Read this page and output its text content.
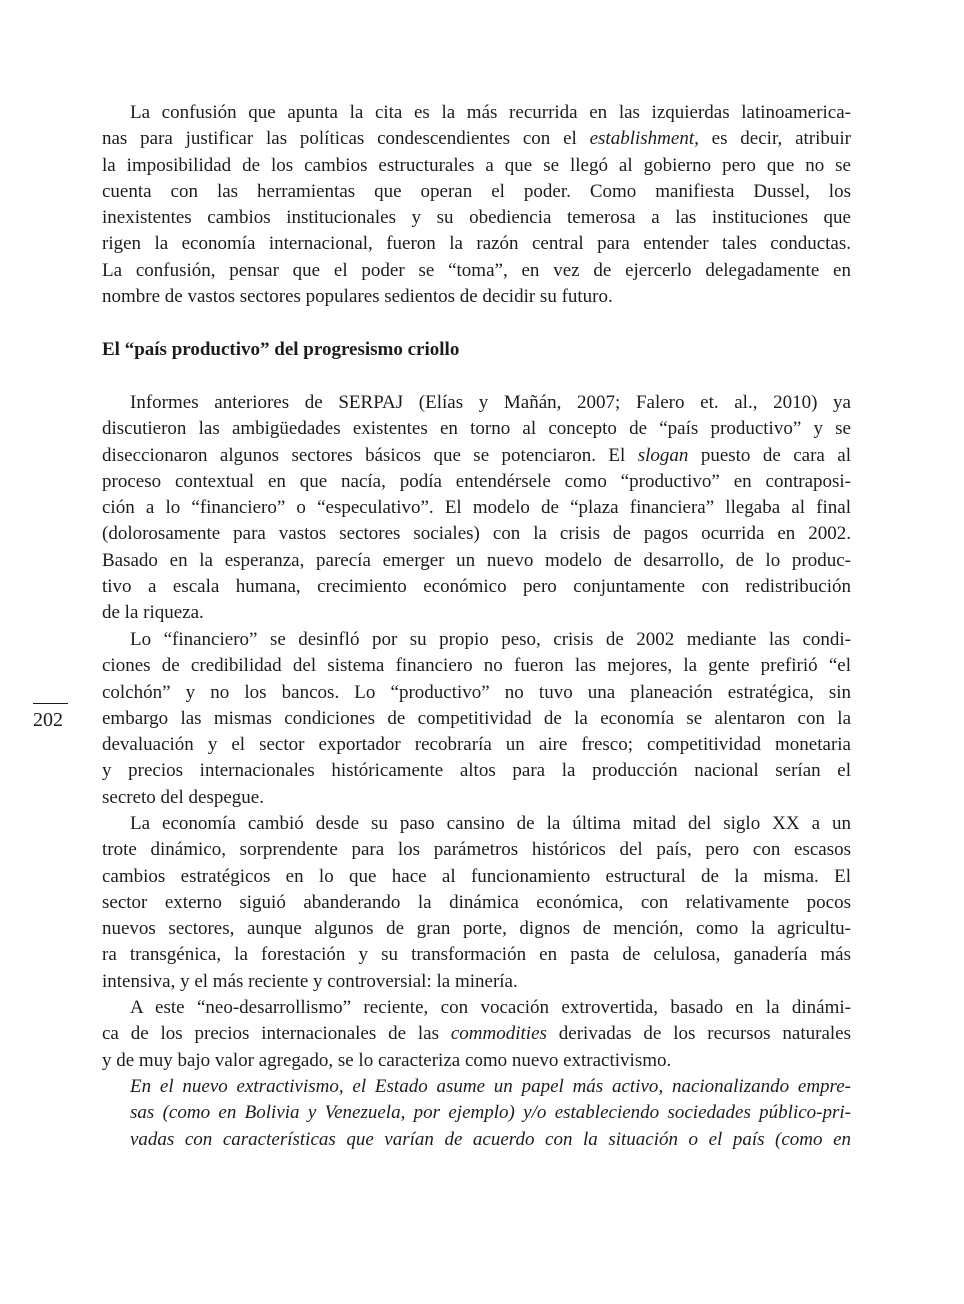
La confusión que apunta la cita es la más recurrida en las izquierdas latinoamerica-
nas para justificar las políticas condescendientes con el establishment, es decir, atribuir
la imposibilidad de los cambios estructurales a que se llegó al gobierno pero que no se
cuenta con las herramientas que operan el poder. Como manifiesta Dussel, los
inexistentes cambios institucionales y su obediencia temerosa a las instituciones que
rigen la economía internacional, fueron la razón central para entender tales conductas.
La confusión, pensar que el poder se “toma”, en vez de ejercerlo delegadamente en
nombre de vastos sectores populares sedientos de decidir su futuro.
El “país productivo” del progresismo criollo
Informes anteriores de SERPAJ (Elías y Mañán, 2007; Falero et. al., 2010) ya
discutieron las ambigüedades existentes en torno al concepto de “país productivo” y se
diseccionaron algunos sectores básicos que se potenciaron. El slogan puesto de cara al
proceso contextual en que nacía, podía entendérsele como “productivo” en contraposi-
ción a lo “financiero” o “especulativo”. El modelo de “plaza financiera” llegaba al final
(dolorosamente para vastos sectores sociales) con la crisis de pagos ocurrida en 2002.
Basado en la esperanza, parecía emerger un nuevo modelo de desarrollo, de lo produc-
tivo a escala humana, crecimiento económico pero conjuntamente con redistribución
de la riqueza.
Lo “financiero” se desinfló por su propio peso, crisis de 2002 mediante las condi-
ciones de credibilidad del sistema financiero no fueron las mejores, la gente prefirió “el
colchón” y no los bancos. Lo “productivo” no tuvo una planeación estratégica, sin
embargo las mismas condiciones de competitividad de la economía se alentaron con la
devaluación y el sector exportador recobraría un aire fresco; competitividad monetaria
y precios internacionales históricamente altos para la producción nacional serían el
secreto del despegue.
202
La economía cambió desde su paso cansino de la última mitad del siglo XX a un
trote dinámico, sorprendente para los parámetros históricos del país, pero con escasos
cambios estratégicos en lo que hace al funcionamiento estructural de la misma. El
sector externo siguió abanderando la dinámica económica, con relativamente pocos
nuevos sectores, aunque algunos de gran porte, dignos de mención, como la agricultu-
ra transgénica, la forestación y su transformación en pasta de celulosa, ganadería más
intensiva, y el más reciente y controversial: la minería.
A este “neo-desarrollismo” reciente, con vocación extrovertida, basado en la dinámi-
ca de los precios internacionales de las commodities derivadas de los recursos naturales
y de muy bajo valor agregado, se lo caracteriza como nuevo extractivismo.
En el nuevo extractivismo, el Estado asume un papel más activo, nacionalizando empre-
sas (como en Bolivia y Venezuela, por ejemplo) y/o estableciendo sociedades público-pri-
vadas con características que varían de acuerdo con la situación o el país (como en
